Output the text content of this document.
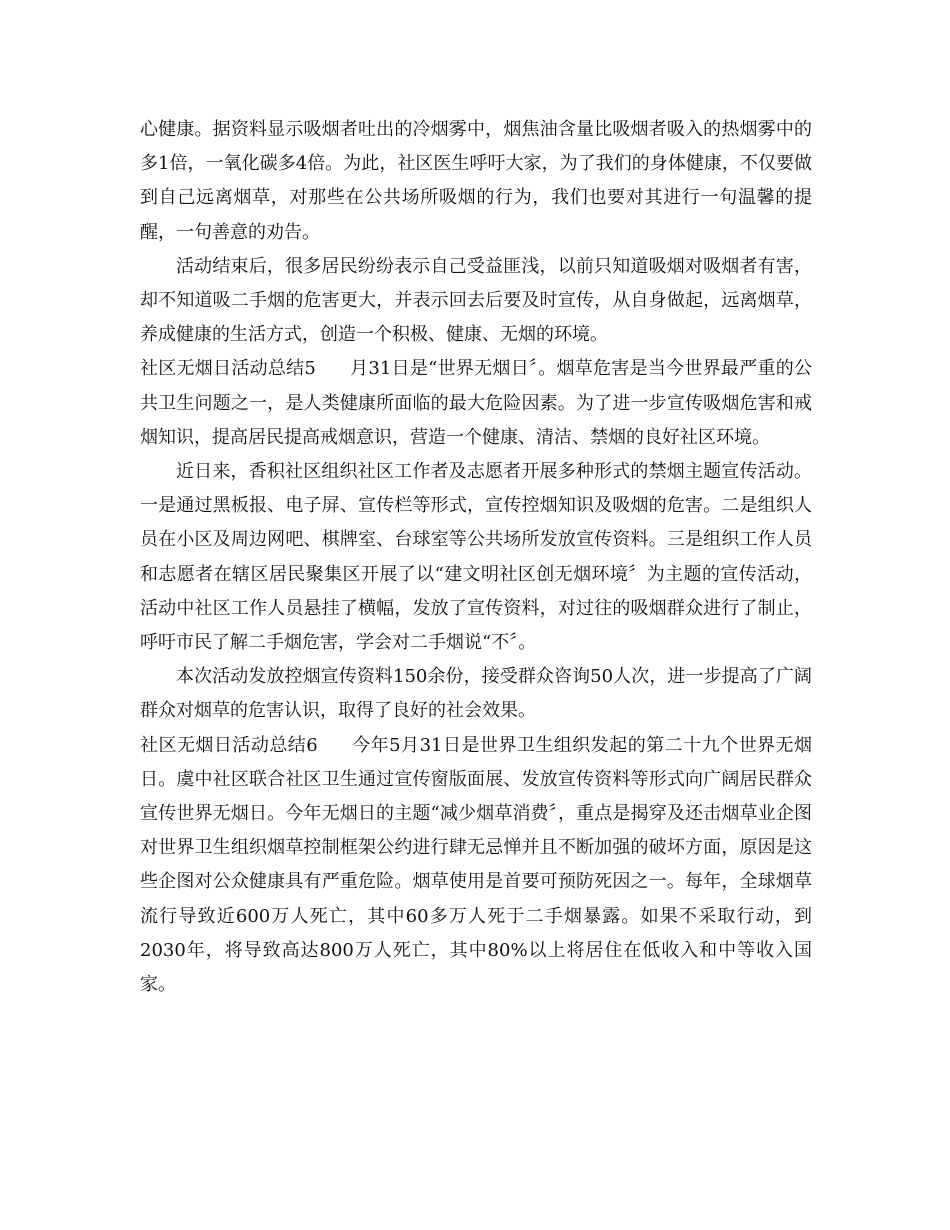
心健康。据资料显示吸烟者吐出的冷烟雾中，烟焦油含量比吸烟者吸入的热烟雾中的多1倍，一氧化碳多4倍。为此，社区医生呼吁大家，为了我们的身体健康，不仅要做到自己远离烟草，对那些在公共场所吸烟的行为，我们也要对其进行一句温馨的提醒，一句善意的劝告。

活动结束后，很多居民纷纷表示自己受益匪浅，以前只知道吸烟对吸烟者有害，却不知道吸二手烟的危害更大，并表示回去后要及时宣传，从自身做起，远离烟草，养成健康的生活方式，创造一个积极、健康、无烟的环境。

社区无烟日活动总结5 月31日是“世界无烟日〞。烟草危害是当今世界最严重的公共卫生问题之一，是人类健康所面临的最大危险因素。为了进一步宣传吸烟危害和戒烟知识，提高居民提高戒烟意识，营造一个健康、清洁、禁烟的良好社区环境。

近日来，香积社区组织社区工作者及志愿者开展多种形式的禁烟主题宣传活动。一是通过黑板报、电子屏、宣传栏等形式，宣传控烟知识及吸烟的危害。二是组织人员在小区及周边网吧、棋牌室、台球室等公共场所发放宣传资料。三是组织工作人员和志愿者在辖区居民聚集区开展了以“建文明社区创无烟环境〞为主题的宣传活动，活动中社区工作人员悬挂了横幅，发放了宣传资料，对过往的吸烟群众进行了制止，呼吁市民了解二手烟危害，学会对二手烟说“不〞。

本次活动发放控烟宣传资料150余份，接受群众咨询50人次，进一步提高了广阔群众对烟草的危害认识，取得了良好的社会效果。

社区无烟日活动总结6 今年5月31日是世界卫生组织发起的第二十九个世界无烟日。虞中社区联合社区卫生通过宣传窗版面展、发放宣传资料等形式向广阔居民群众宣传世界无烟日。今年无烟日的主题“减少烟草消费〞，重点是揭穿及还击烟草业企图对世界卫生组织烟草控制框架公约进行肆无忌惮并且不断加强的破坏方面，原因是这些企图对公众健康具有严重危险。烟草使用是首要可预防死因之一。每年，全球烟草流行导致近600万人死亡，其中60多万人死于二手烟暴露。如果不采取行动，到2030年，将导致高达800万人死亡，其中80%以上将居住在低收入和中等收入国家。
